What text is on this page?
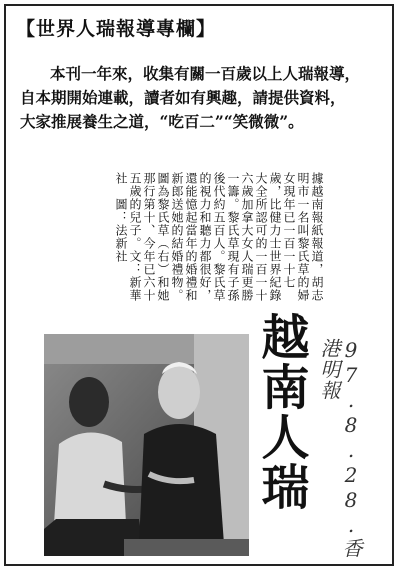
【世界人瑞報導專欄】

本刊一年來，收集有關一百歲以上人瑞報導，

自本期開始連載，讀者如有興趣，請提供資料，

大家推展養生之道，“吃百二”“笑微微”。

據越南報紙報道，胡志明市一名叫黎氏草的婦女現年已一百一十七歲，比健力士世界紀錄大全所認可的一百一十六歲加拿大女人瑞更勝一籌。黎氏草現有子孫後代約五百人。黎氏草的視力和聽力都很好，還能憶起當年的婚禮和新郎送她的結婚禮物。圖為黎氏草（右）和她那行第十、今年已六十五歲的兒子。文：新華社　圖：法新社
越南人瑞	97.8.28.香港明報
